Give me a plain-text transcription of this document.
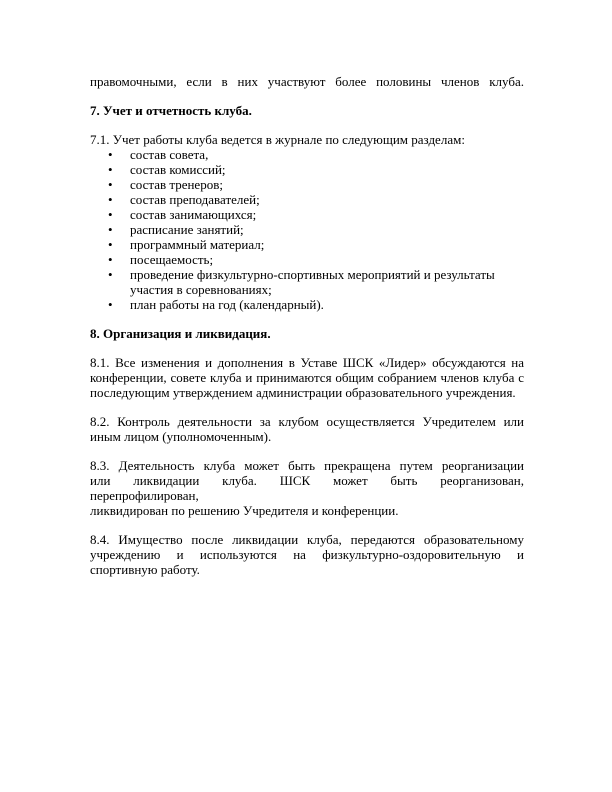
правомочными, если в них участвуют более половины членов клуба.

7. Учет и отчетность клуба.

7.1. Учет работы клуба ведется в журнале по следующим разделам:

• состав совета,
• состав комиссий;
• состав тренеров;
• состав преподавателей;
• состав занимающихся;
• расписание занятий;
• программный материал;
• посещаемость;
• проведение физкультурно-спортивных мероприятий и результаты
участия в соревнованиях;
• план работы на год (календарный).

8. Организация и ликвидация.

8.1. Все изменения и дополнения в Уставе ШСК «Лидер» обсуждаются на конференции, совете клуба и принимаются общим собранием членов клуба с последующим утверждением администрации образовательного учреждения.

8.2. Контроль деятельности за клубом осуществляется Учредителем или иным лицом (уполномоченным).

8.3. Деятельность клуба может быть прекращена путем реорганизации

или ликвидации клуба. ШСК может быть реорганизован,

перепрофилирован,

ликвидирован по решению Учредителя и конференции.

8.4. Имущество после ликвидации клуба, передаются образовательному учреждению и используются на физкультурно-оздоровительную и спортивную работу.
